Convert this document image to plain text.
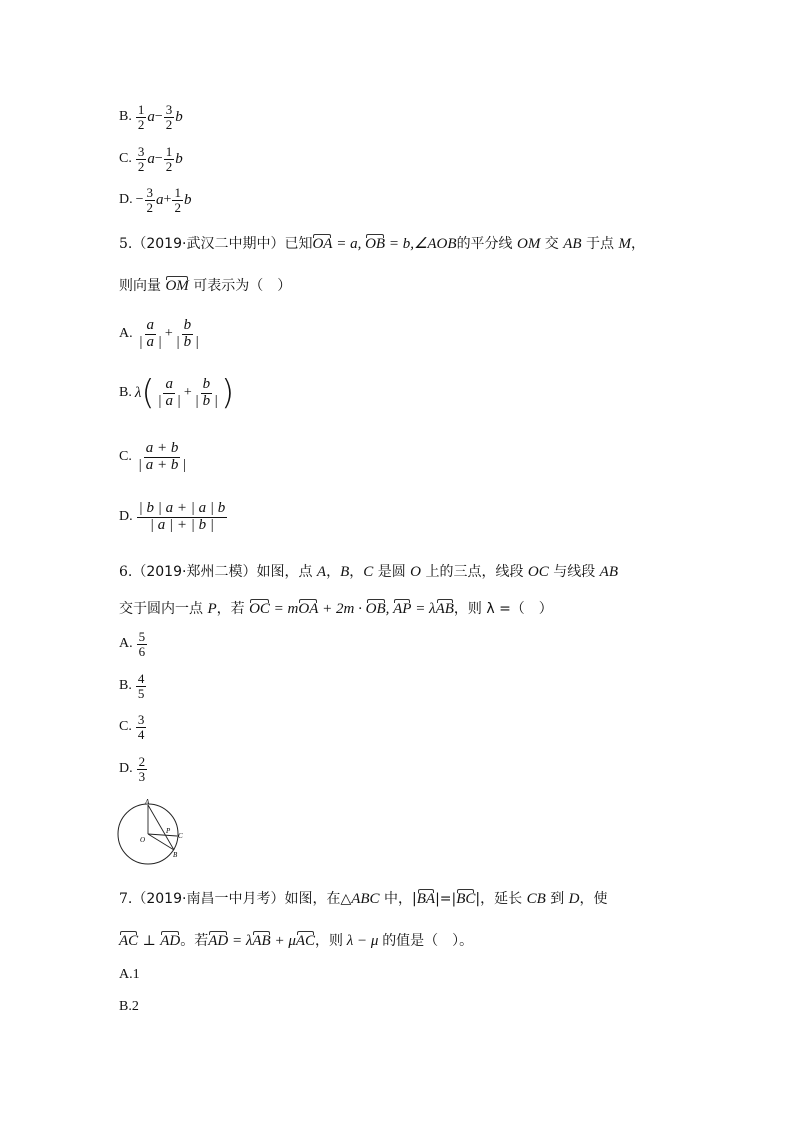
B. $\frac{1}{2}$ $a - \frac{3}{2}$ b
C. $\frac{3}{2}$ $a - \frac{1}{2}$ b
D. − $\frac{3}{2}$ $a + \frac{1}{2}$ b
5.（2019·武汉二中期中）已知OA = a, OB = b,∠AOB的平分线 OM 交 AB 于点 M，
则向量 OM 可表示为（　）
A. $\frac{a}{| a |} + \frac{b}{| b |}$
B. λ ( $\frac{a}{| a |} + \frac{b}{| b |}$ )
C. $\frac{a + b}{| a + b |}$
D. $\frac{| b | a + | a | b}{| a | + | b |}$
6.（2019·郑州二模）如图，点 A，B，C 是圆 O 上的三点，线段 OC 与线段 AB
交于圆内一点 P，若 OC = mOA + 2m · OB, AP = λAB，则 λ =（　）
A. $\frac{5}{6}$
B. $\frac{4}{5}$
C. $\frac{3}{4}$
D. $\frac{2}{3}$
A
O
P
C
B
7.（2019·南昌一中月考）如图，在△ABC 中，|BA|=|BC|，延长 CB 到 D，使
AC ⊥ AD。若AD = λAB + μAC，则 λ − μ 的值是（　）。
A.1
B.2
